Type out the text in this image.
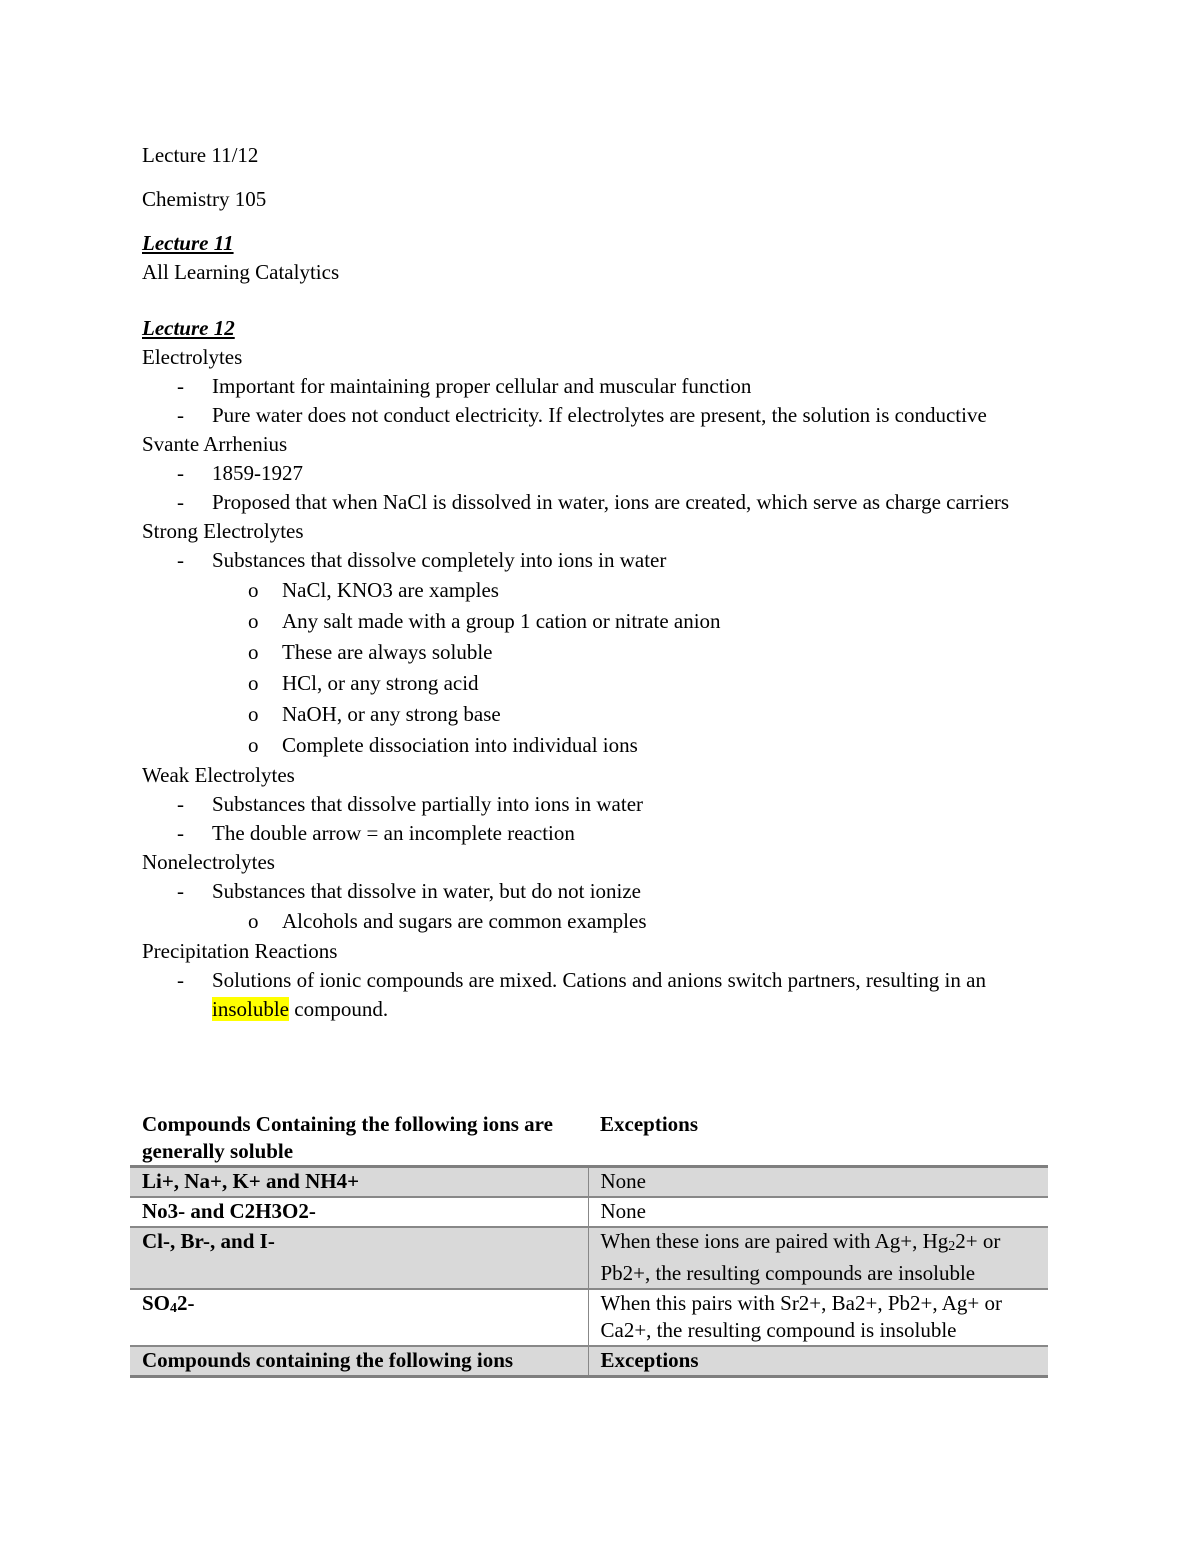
Lecture 11/12

Chemistry 105

Lecture 11

All Learning Catalytics

Lecture 12

Electrolytes

- Important for maintaining proper cellular and muscular function
- Pure water does not conduct electricity. If electrolytes are present, the solution is conductive

Svante Arrhenius

- 1859-1927
- Proposed that when NaCl is dissolved in water, ions are created, which serve as charge carriers

Strong Electrolytes

- Substances that dissolve completely into ions in water
o NaCl, KNO3 are xamples
o Any salt made with a group 1 cation or nitrate anion
o These are always soluble
o HCl, or any strong acid
o NaOH, or any strong base
o Complete dissociation into individual ions

Weak Electrolytes

- Substances that dissolve partially into ions in water
- The double arrow = an incomplete reaction

Nonelectrolytes

- Substances that dissolve in water, but do not ionize
o Alcohols and sugars are common examples

Precipitation Reactions

- Solutions of ionic compounds are mixed. Cations and anions switch partners, resulting in an insoluble compound.
Compounds Containing the following ions are generally soluble	Exceptions
Li+, Na+, K+ and NH4+	None
No3- and C2H3O2-	None
Cl-, Br-, and I-	When these ions are paired with Ag+, Hg22+ or Pb2+, the resulting compounds are insoluble
SO42-	When this pairs with Sr2+, Ba2+, Pb2+, Ag+ or Ca2+, the resulting compound is insoluble
Compounds containing the following ions	Exceptions
